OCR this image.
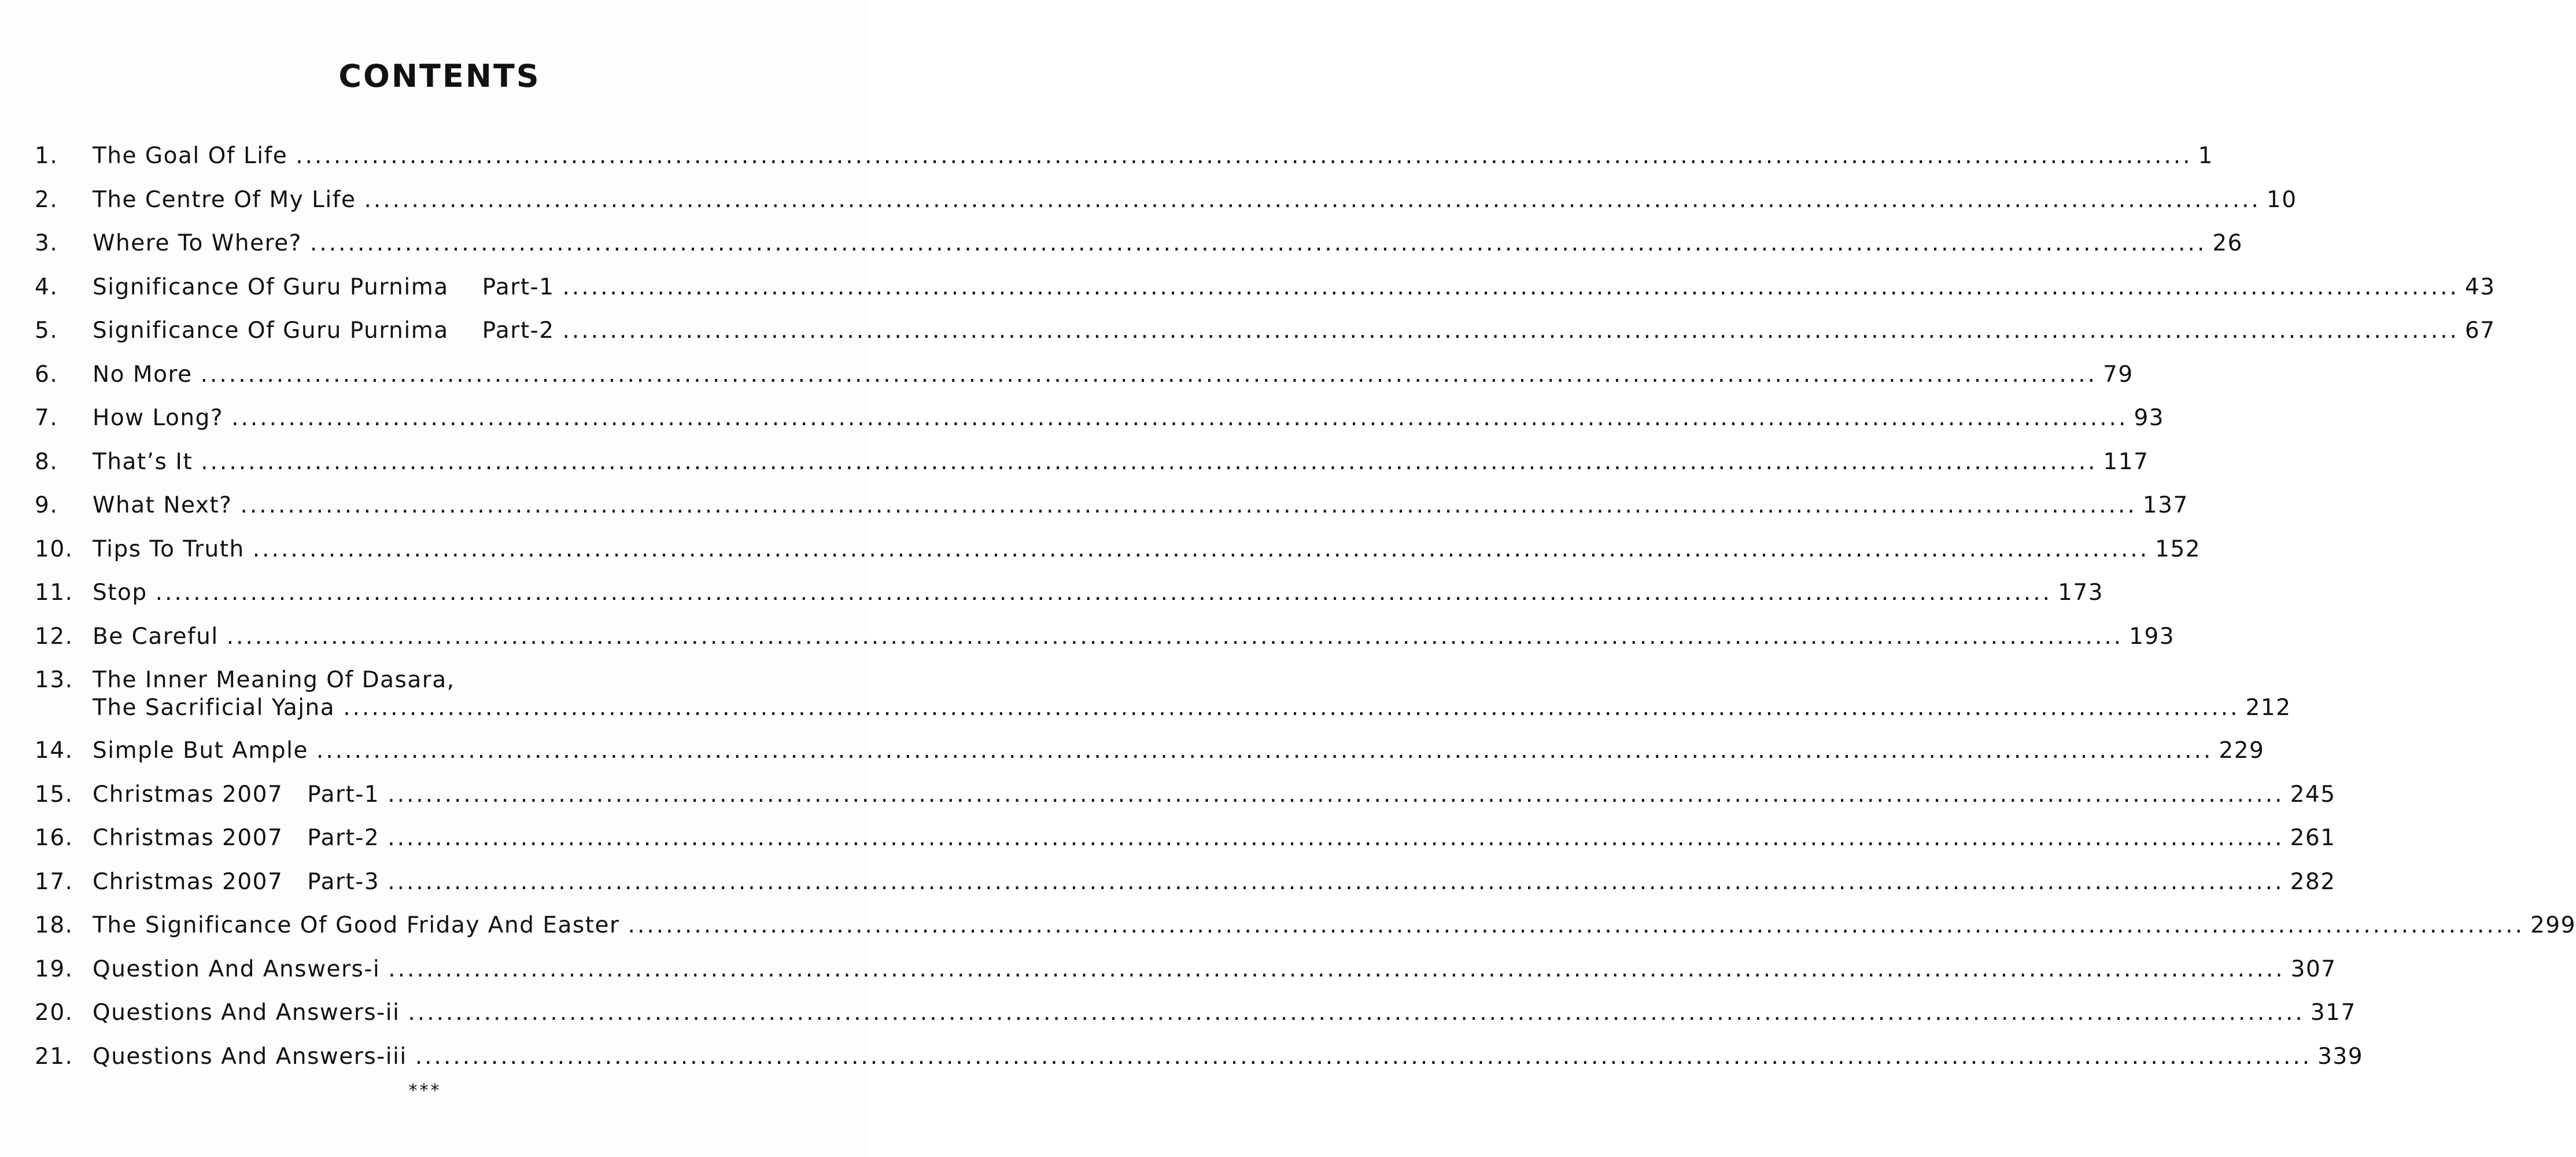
CONTENTS
1.	The Goal Of Life ........................................................................................................................................................................................................ 1
2.	The Centre Of My Life ........................................................................................................................................................................................................ 10
3.	Where To Where? ........................................................................................................................................................................................................ 26
4.	Significance Of Guru Purnima	Part-1 ........................................................................................................................................................................................................ 43
5.	Significance Of Guru Purnima	Part-2 ........................................................................................................................................................................................................ 67
6.	No More ........................................................................................................................................................................................................ 79
7.	How Long? ........................................................................................................................................................................................................ 93
8.	That’s It ........................................................................................................................................................................................................ 117
9.	What Next? ........................................................................................................................................................................................................ 137
10. Tips To Truth ........................................................................................................................................................................................................ 152
11. Stop ........................................................................................................................................................................................................ 173
12. Be Careful ........................................................................................................................................................................................................ 193
13. The Inner Meaning Of Dasara,
The Sacrificial Yajna ........................................................................................................................................................................................................ 212
14. Simple But Ample ........................................................................................................................................................................................................ 229
15. Christmas 2007	Part-1 ........................................................................................................................................................................................................ 245
16. Christmas 2007	Part-2 ........................................................................................................................................................................................................ 261
17. Christmas 2007	Part-3 ........................................................................................................................................................................................................ 282
18. The Significance Of Good Friday And Easter ........................................................................................................................................................................................................ 299
19. Question And Answers-i ........................................................................................................................................................................................................ 307
20. Questions And Answers-ii ........................................................................................................................................................................................................ 317
21. Questions And Answers-iii ........................................................................................................................................................................................................ 339
***
